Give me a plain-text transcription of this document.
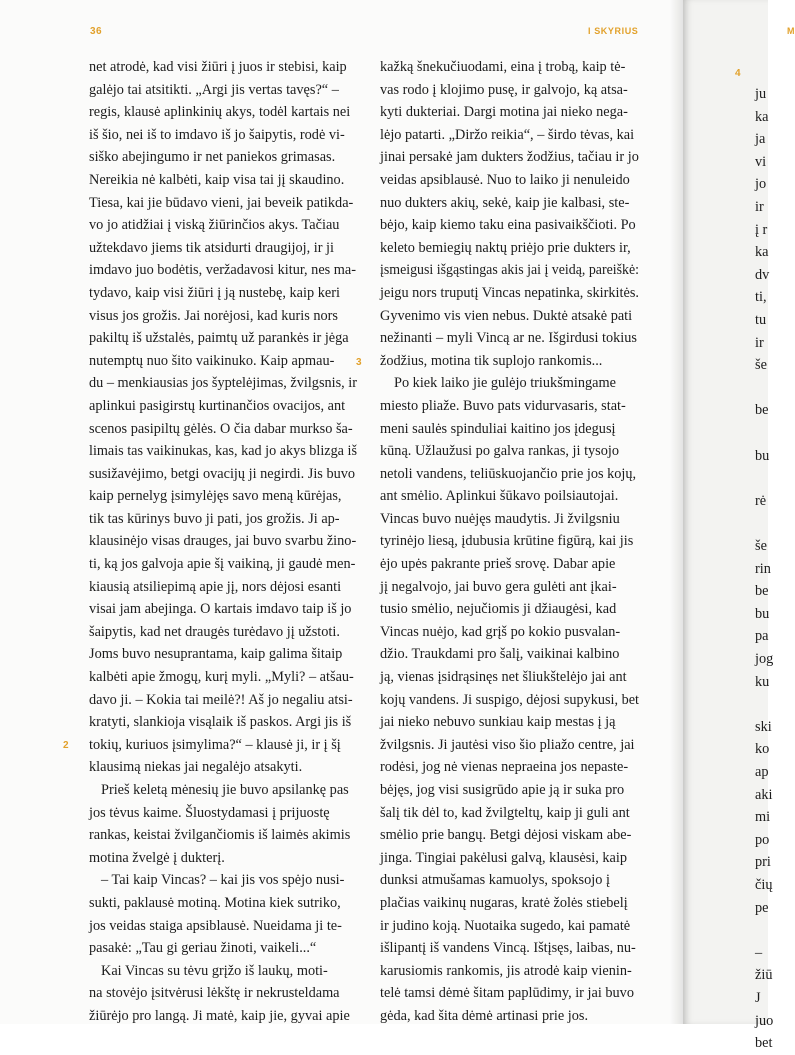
36	I SKYRIUS
net atrodė, kad visi žiūri į juos ir stebisi, kaip
galėjo tai atsitikti. „Argi jis vertas tavęs?“ –
regis, klausė aplinkinių akys, todėl kartais nei
iš šio, nei iš to imdavo iš jo šaipytis, rodė vi-
siško abejingumo ir net paniekos grimasas.
Nereikia nė kalbėti, kaip visa tai jį skaudino.
Tiesa, kai jie būdavo vieni, jai beveik patikda-
vo jo atidžiai į viską žiūrinčios akys. Tačiau
užtekdavo jiems tik atsidurti draugijoj, ir ji
imdavo juo bodėtis, veržadavosi kitur, nes ma-
tydavo, kaip visi žiūri į ją nustebę, kaip keri
visus jos grožis. Jai norėjosi, kad kuris nors
pakiltų iš užstalės, paimtų už parankės ir jėga
nutemptų nuo šito vaikinuko. Kaip apmau-
du – menkiausias jos šyptelėjimas, žvilgsnis, ir
aplinkui pasigirstų kurtinančios ovacijos, ant
scenos pasipiltų gėlės. O čia dabar murkso ša-
limais tas vaikinukas, kas, kad jo akys blizga iš
susižavėjimo, betgi ovacijų ji negirdi. Jis buvo
kaip pernelyg įsimylėjęs savo meną kūrėjas,
tik tas kūrinys buvo ji pati, jos grožis. Ji ap-
klausinėjo visas drauges, jai buvo svarbu žino-
ti, ką jos galvoja apie šį vaikiną, ji gaudė men-
kiausią atsiliepimą apie jį, nors dėjosi esanti
visai jam abejinga. O kartais imdavo taip iš jo
šaipytis, kad net draugės turėdavo jį užstoti.
Joms buvo nesuprantama, kaip galima šitaip
kalbėti apie žmogų, kurį myli. „Myli? – atšau-
davo ji. – Kokia tai meilė?! Aš jo negaliu atsi-
kratyti, slankioja visąlaik iš paskos. Argi jis iš
tokių, kuriuos įsimylima?“ – klausė ji, ir į šį
klausimą niekas jai negalėjo atsakyti.
Prieš keletą mėnesių jie buvo apsilankę pas
jos tėvus kaime. Šluostydamasi į prijuostę
rankas, keistai žvilgančiomis iš laimės akimis
motina žvelgė į dukterį.
– Tai kaip Vincas? – kai jis vos spėjo nusi-
sukti, paklausė motiną. Motina kiek sutriko,
jos veidas staiga apsiblausė. Nueidama ji te-
pasakė: „Tau gi geriau žinoti, vaikeli...“
Kai Vincas su tėvu grįžo iš laukų, moti-
na stovėjo įsitvėrusi lėkštę ir nekrusteldama
žiūrėjo pro langą. Ji matė, kaip jie, gyvai apie
kažką šnekučiuodami, eina į trobą, kaip tė-
vas rodo į klojimo pusę, ir galvojo, ką atsa-
kyti dukteriai. Dargi motina jai nieko nega-
lėjo patarti. „Diržo reikia“, – širdo tėvas, kai
jinai persakė jam dukters žodžius, tačiau ir jo
veidas apsiblausė. Nuo to laiko ji nenuleido
nuo dukters akių, sekė, kaip jie kalbasi, ste-
bėjo, kaip kiemo taku eina pasivaikščioti. Po
keleto bemiegių naktų priėjo prie dukters ir,
įsmeigusi išgąstingas akis jai į veidą, pareiškė:
jeigu nors truputį Vincas nepatinka, skirkitės.
Gyvenimo vis vien nebus. Duktė atsakė pati
nežinanti – myli Vincą ar ne. Išgirdusi tokius
žodžius, motina tik suplojo rankomis...
Po kiek laiko jie gulėjo triukšmingame
miesto pliaže. Buvo pats vidurvasaris, stat-
meni saulės spinduliai kaitino jos įdegusį
kūną. Užlaužusi po galva rankas, ji tysojo
netoli vandens, teliūskuojančio prie jos kojų,
ant smėlio. Aplinkui šūkavo poilsiautojai.
Vincas buvo nuėjęs maudytis. Ji žvilgsniu
tyrinėjo liesą, įdubusia krūtine figūrą, kai jis
ėjo upės pakrante prieš srovę. Dabar apie
jį negalvojo, jai buvo gera gulėti ant įkai-
tusio smėlio, nejučiomis ji džiaugėsi, kad
Vincas nuėjo, kad grįš po kokio pusvalan-
džio. Traukdami pro šalį, vaikinai kalbino
ją, vienas įsidrąsinęs net šliukštelėjo jai ant
kojų vandens. Ji suspigo, dėjosi supykusi, bet
jai nieko nebuvo sunkiau kaip mestas į ją
žvilgsnis. Ji jautėsi viso šio pliažo centre, jai
rodėsi, jog nė vienas nepraeina jos nepaste-
bėjęs, jog visi susigrūdo apie ją ir suka pro
šalį tik dėl to, kad žvilgteltų, kaip ji guli ant
smėlio prie bangų. Betgi dėjosi viskam abe-
jinga. Tingiai pakėlusi galvą, klausėsi, kaip
dunksi atmušamas kamuolys, spoksojo į
plačias vaikinų nugaras, kratė žolės stiebelį
ir judino koją. Nuotaika sugedo, kai pamatė
išlipantį iš vandens Vincą. Ištįsęs, laibas, nu-
karusiomis rankomis, jis atrodė kaip vienin-
telė tamsi dėmė šitam paplūdimy, ir jai buvo
gėda, kad šita dėmė artinasi prie jos.
2
3
M
4
ju
ka
ja
vi
jo
ir
į r
ka
dv
ti,
tu
ir
še
be
bu
rė
še
rin
be
bu
pa
jog
ku
ski
ko
ap
aki
mi
po
pri
čių
pe
–
žiū
J
juo
bet
